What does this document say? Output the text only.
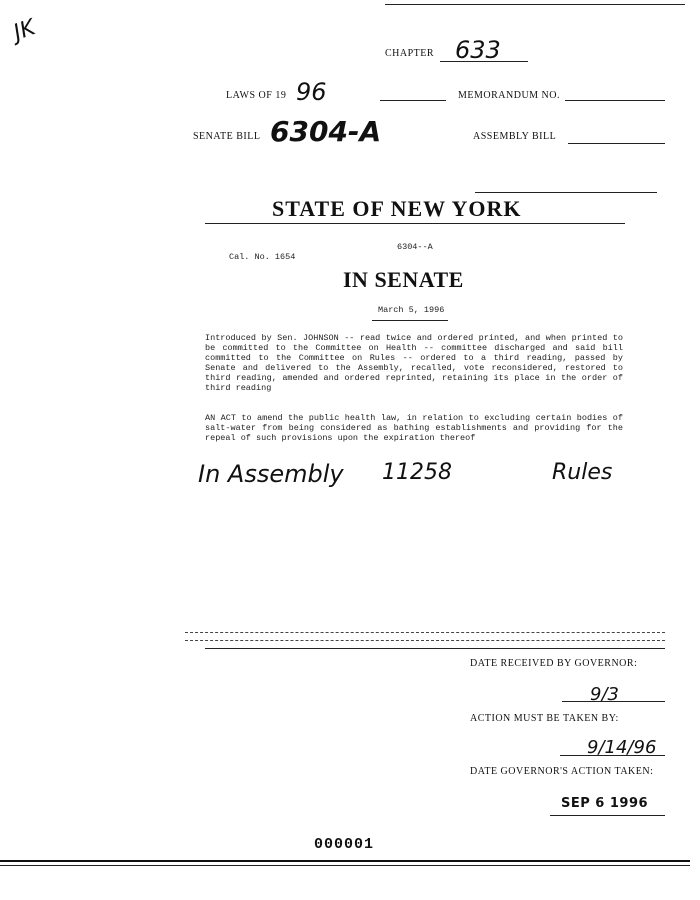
JK
CHAPTER 633
LAWS OF 19 96	MEMORANDUM NO.
SENATE BILL 6304-A	ASSEMBLY BILL
STATE OF NEW YORK
6304--A
Cal. No. 1654
IN SENATE
March 5, 1996
Introduced by Sen. JOHNSON -- read twice and ordered printed, and when printed to be committed to the Committee on Health -- committee discharged and said bill committed to the Committee on Rules -- ordered to a third reading, passed by Senate and delivered to the Assembly, recalled, vote reconsidered, restored to third reading, amended and ordered reprinted, retaining its place in the order of third reading
AN ACT to amend the public health law, in relation to excluding certain bodies of salt-water from being considered as bathing establishments and providing for the repeal of such provisions upon the expiration thereof
In Assembly 11258	Rules
DATE RECEIVED BY GOVERNOR:
9/3
ACTION MUST BE TAKEN BY:
9/14/96
DATE GOVERNOR'S ACTION TAKEN:
SEP 6 1996
000001
